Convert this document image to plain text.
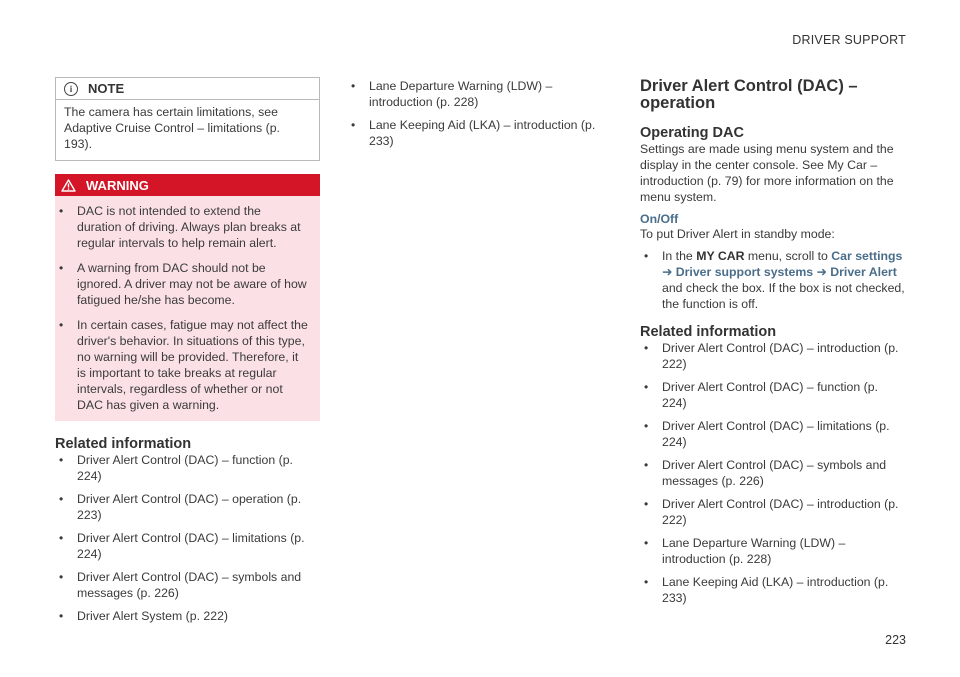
DRIVER SUPPORT
i	NOTE
The camera has certain limitations, see Adaptive Cruise Control – limitations (p. 193).
WARNING
• DAC is not intended to extend the duration of driving. Always plan breaks at regular intervals to help remain alert.
• A warning from DAC should not be ignored. A driver may not be aware of how fatigued he/she has become.
• In certain cases, fatigue may not affect the driver's behavior. In situations of this type, no warning will be provided. Therefore, it is important to take breaks at regular intervals, regardless of whether or not DAC has given a warning.
Related information
• Driver Alert Control (DAC) – function (p. 224)
• Driver Alert Control (DAC) – operation (p. 223)
• Driver Alert Control (DAC) – limitations (p. 224)
• Driver Alert Control (DAC) – symbols and messages (p. 226)
• Driver Alert System (p. 222)
• Lane Departure Warning (LDW) – introduction (p. 228)
• Lane Keeping Aid (LKA) – introduction (p. 233)
Driver Alert Control (DAC) – operation
Operating DAC
Settings are made using menu system and the display in the center console. See My Car – introduction (p. 79) for more information on the menu system.
On/Off
To put Driver Alert in standby mode:
• In the MY CAR menu, scroll to Car settings
➜ Driver support systems ➜ Driver Alert
and check the box. If the box is not checked, the function is off.
Related information
• Driver Alert Control (DAC) – introduction (p. 222)
• Driver Alert Control (DAC) – function (p. 224)
• Driver Alert Control (DAC) – limitations (p. 224)
• Driver Alert Control (DAC) – symbols and messages (p. 226)
• Driver Alert Control (DAC) – introduction (p. 222)
• Lane Departure Warning (LDW) – introduction (p. 228)
• Lane Keeping Aid (LKA) – introduction (p. 233)
223
